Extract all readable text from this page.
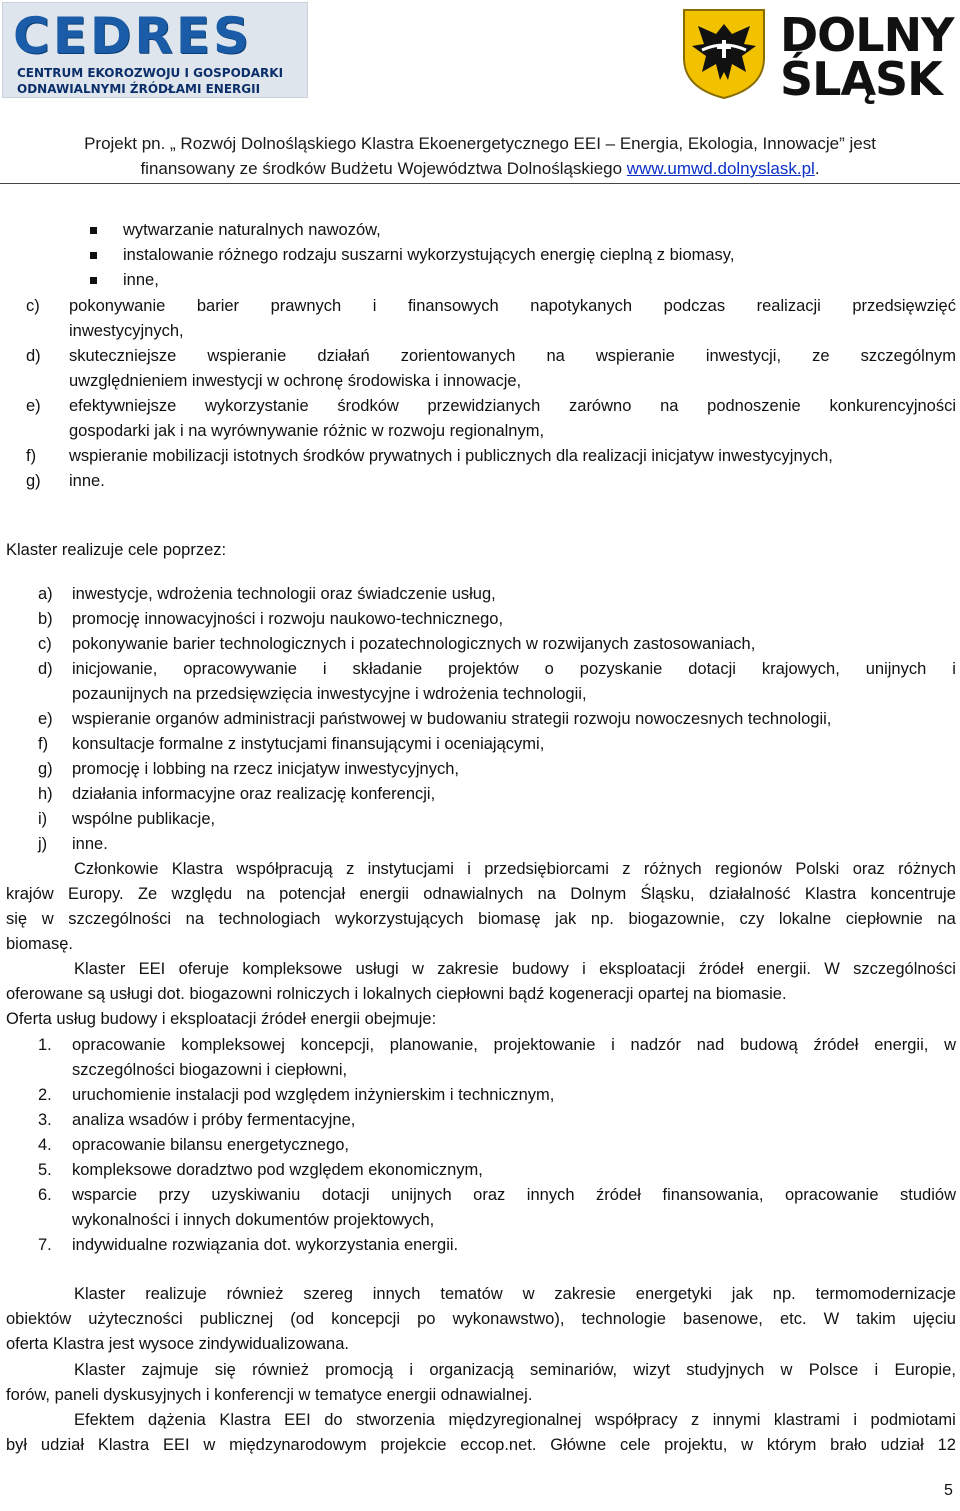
CEDRES
CENTRUM EKOROZWOJU I GOSPODARKI
ODNAWIALNYMI ŹRÓDŁAMI ENERGII
DOLNY
ŚLĄSK
Projekt pn. „ Rozwój Dolnośląskiego Klastra Ekoenergetycznego EEI – Energia, Ekologia, Innowacje” jest
finansowany ze środków Budżetu Województwa Dolnośląskiego www.umwd.dolnyslask.pl.
wytwarzanie naturalnych nawozów,
instalowanie różnego rodzaju suszarni wykorzystujących energię cieplną z biomasy,
inne,
c) pokonywanie barier prawnych i finansowych napotykanych podczas realizacji przedsięwzięć
inwestycyjnych,
d) skuteczniejsze wspieranie działań zorientowanych na wspieranie inwestycji, ze szczególnym
uwzględnieniem inwestycji w ochronę środowiska i innowacje,
e) efektywniejsze wykorzystanie środków przewidzianych zarówno na podnoszenie konkurencyjności
gospodarki jak i na wyrównywanie różnic w rozwoju regionalnym,
f) wspieranie mobilizacji istotnych środków prywatnych i publicznych dla realizacji inicjatyw inwestycyjnych,
g) inne.
Klaster realizuje cele poprzez:
a) inwestycje, wdrożenia technologii oraz świadczenie usług,
b) promocję innowacyjności i rozwoju naukowo-technicznego,
c) pokonywanie barier technologicznych i pozatechnologicznych w rozwijanych zastosowaniach,
d) inicjowanie, opracowywanie i składanie projektów o pozyskanie dotacji krajowych, unijnych i
pozaunijnych na przedsięwzięcia inwestycyjne i wdrożenia technologii,
e) wspieranie organów administracji państwowej w budowaniu strategii rozwoju nowoczesnych technologii,
f) konsultacje formalne z instytucjami finansującymi i oceniającymi,
g) promocję i lobbing na rzecz inicjatyw inwestycyjnych,
h) działania informacyjne oraz realizację konferencji,
i) wspólne publikacje,
j) inne.
Członkowie Klastra współpracują z instytucjami i przedsiębiorcami z różnych regionów Polski oraz różnych
krajów Europy. Ze względu na potencjał energii odnawialnych na Dolnym Śląsku, działalność Klastra koncentruje
się w szczególności na technologiach wykorzystujących biomasę jak np. biogazownie, czy lokalne ciepłownie na
biomasę.
Klaster EEI oferuje kompleksowe usługi w zakresie budowy i eksploatacji źródeł energii. W szczególności
oferowane są usługi dot. biogazowni rolniczych i lokalnych ciepłowni bądź kogeneracji opartej na biomasie.
Oferta usług budowy i eksploatacji źródeł energii obejmuje:
1. opracowanie kompleksowej koncepcji, planowanie, projektowanie i nadzór nad budową źródeł energii, w
szczególności biogazowni i ciepłowni,
2. uruchomienie instalacji pod względem inżynierskim i technicznym,
3. analiza wsadów i próby fermentacyjne,
4. opracowanie bilansu energetycznego,
5. kompleksowe doradztwo pod względem ekonomicznym,
6. wsparcie przy uzyskiwaniu dotacji unijnych oraz innych źródeł finansowania, opracowanie studiów
wykonalności i innych dokumentów projektowych,
7. indywidualne rozwiązania dot. wykorzystania energii.
Klaster realizuje również szereg innych tematów w zakresie energetyki jak np. termomodernizacje
obiektów użyteczności publicznej (od koncepcji po wykonawstwo), technologie basenowe, etc. W takim ujęciu
oferta Klastra jest wysoce zindywidualizowana.
Klaster zajmuje się również promocją i organizacją seminariów, wizyt studyjnych w Polsce i Europie,
forów, paneli dyskusyjnych i konferencji w tematyce energii odnawialnej.
Efektem dążenia Klastra EEI do stworzenia międzyregionalnej współpracy z innymi klastrami i podmiotami
był udział Klastra EEI w międzynarodowym projekcie eccop.net. Główne cele projektu, w którym brało udział 12
5
